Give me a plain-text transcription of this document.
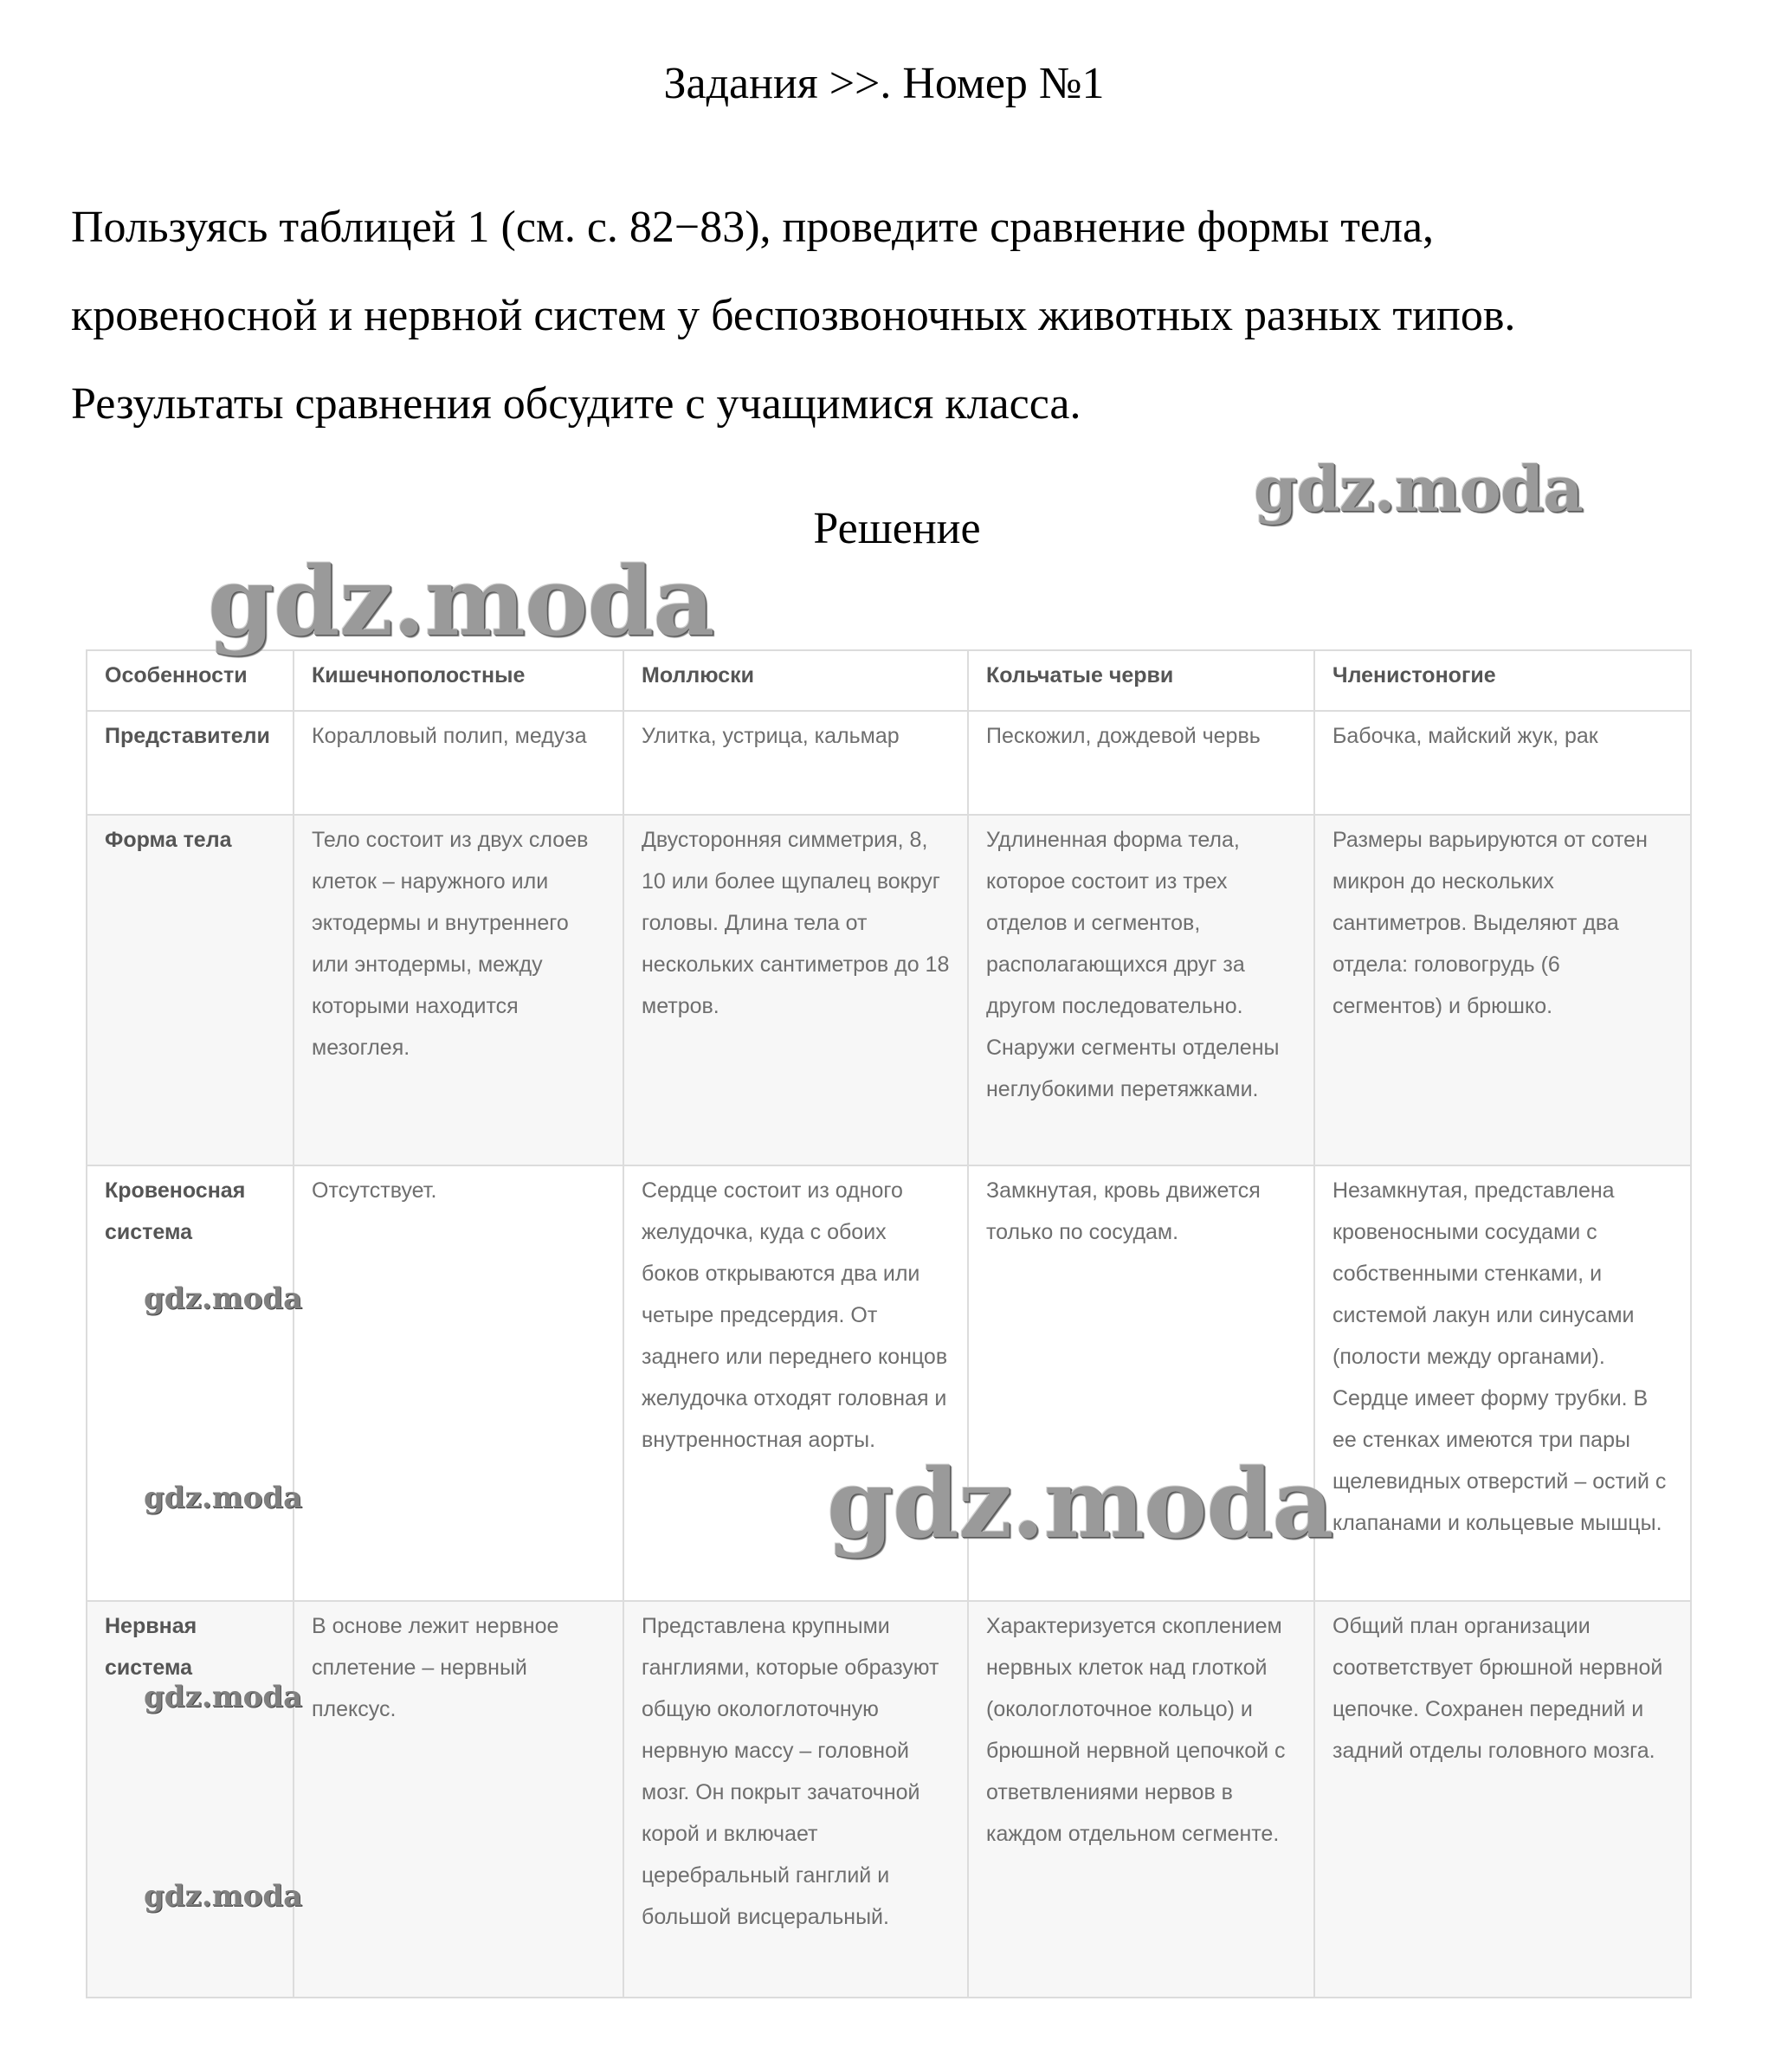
Задания >>. Номер №1
Пользуясь таблицей 1 (см. с. 82−83), проведите сравнение формы тела,
кровеносной и нервной систем у беспозвоночных животных разных типов.
Результаты сравнения обсудите с учащимися класса.
Решение
Особенности	Кишечнополостные	Моллюски	Кольчатые черви	Членистоногие
Представители	Коралловый полип, медуза	Улитка, устрица, кальмар	Пескожил, дождевой червь	Бабочка, майский жук, рак
Форма тела	Тело состоит из двух слоев клеток – наружного или эктодермы и внутреннего или энтодермы, между которыми находится мезоглея.	Двусторонняя симметрия, 8, 10 или более щупалец вокруг головы. Длина тела от нескольких сантиметров до 18 метров.	Удлиненная форма тела, которое состоит из трех отделов и сегментов, располагающихся друг за другом последовательно. Снаружи сегменты отделены неглубокими перетяжками.	Размеры варьируются от сотен микрон до нескольких сантиметров. Выделяют два отдела: головогрудь (6 сегментов) и брюшко.
Кровеносная система	Отсутствует.	Сердце состоит из одного желудочка, куда с обоих боков открываются два или четыре предсердия. От заднего или переднего концов желудочка отходят головная и внутренностная аорты.	Замкнутая, кровь движется только по сосудам.	Незамкнутая, представлена кровеносными сосудами с собственными стенками, и системой лакун или синусами (полости между органами). Сердце имеет форму трубки. В ее стенках имеются три пары щелевидных отверстий – остий с клапанами и кольцевые мышцы.
Нервная система	В основе лежит нервное сплетение – нервный плексус.	Представлена крупными ганглиями, которые образуют общую окологлоточную нервную массу – головной мозг. Он покрыт зачаточной корой и включает церебральный ганглий и большой висцеральный.	Характеризуется скоплением нервных клеток над глоткой (окологлоточное кольцо) и брюшной нервной цепочкой с ответвлениями нервов в каждом отдельном сегменте.	Общий план организации соответствует брюшной нервной цепочке. Сохранен передний и задний отделы головного мозга.
gdz.moda
gdz.moda
gdz.moda
gdz.moda
gdz.moda
gdz.moda
gdz.moda
